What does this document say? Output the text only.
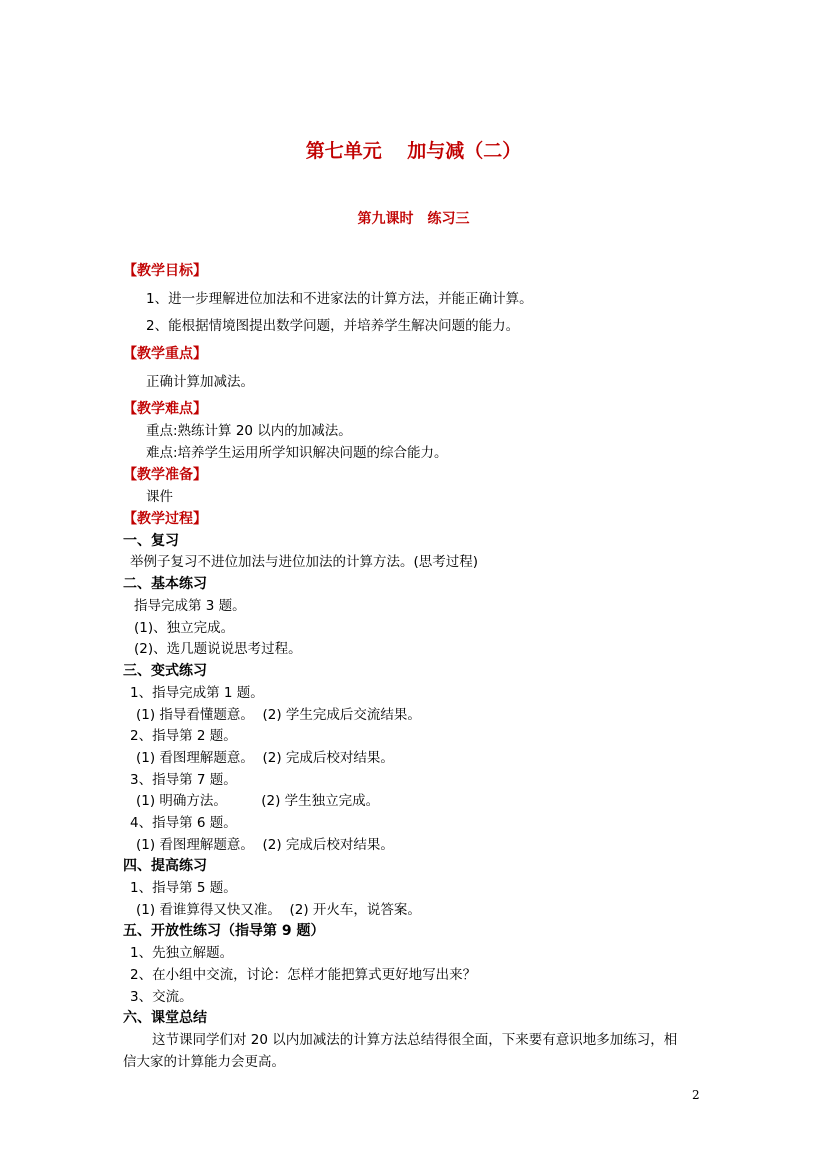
第七单元　 加与减（二）
第九课时　练习三
【教学目标】
1、进一步理解进位加法和不进家法的计算方法，并能正确计算。
2、能根据情境图提出数学问题，并培养学生解决问题的能力。
【教学重点】
正确计算加减法。
【教学难点】
重点:熟练计算 20 以内的加减法。
难点:培养学生运用所学知识解决问题的综合能力。
【教学准备】
课件
【教学过程】
一、复习
举例子复习不进位加法与进位加法的计算方法。(思考过程)
二、基本练习
指导完成第 3 题。
(1)、独立完成。
(2)、选几题说说思考过程。
三、变式练习
1、指导完成第 1 题。
(1) 指导看懂题意。  (2) 学生完成后交流结果。
2、指导第 2 题。
(1) 看图理解题意。  (2) 完成后校对结果。
3、指导第 7 题。
(1) 明确方法。        (2) 学生独立完成。
4、指导第 6 题。
(1) 看图理解题意。  (2) 完成后校对结果。
四、提高练习
1、指导第 5 题。
(1) 看谁算得又快又准。  (2) 开火车，说答案。
五、开放性练习（指导第 9 题）
1、先独立解题。
2、在小组中交流，讨论：怎样才能把算式更好地写出来？
3、交流。
六、课堂总结
这节课同学们对 20 以内加减法的计算方法总结得很全面，下来要有意识地多加练习，相
信大家的计算能力会更高。
2
